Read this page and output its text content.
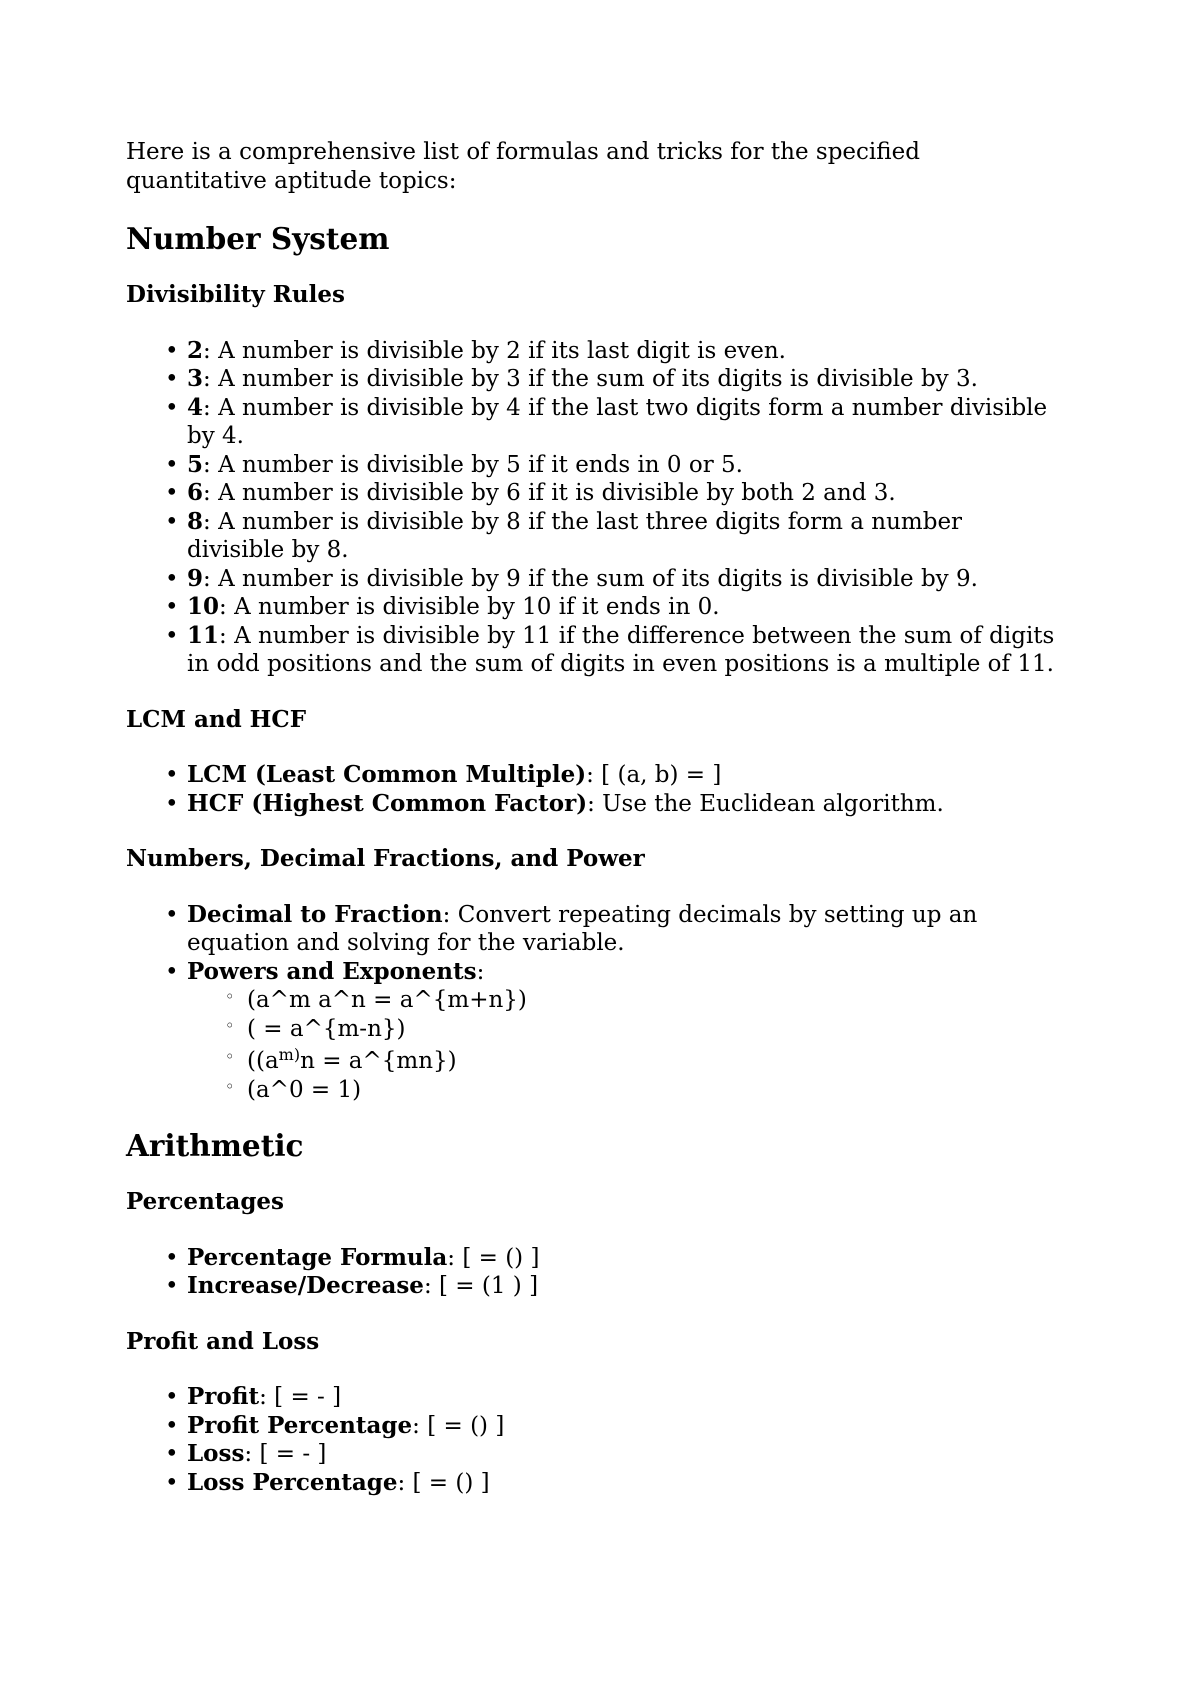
Here is a comprehensive list of formulas and tricks for the specified quantitative aptitude topics:

Number System
Divisibility Rules
• 2: A number is divisible by 2 if its last digit is even.
• 3: A number is divisible by 3 if the sum of its digits is divisible by 3.
• 4: A number is divisible by 4 if the last two digits form a number divisible by 4.
• 5: A number is divisible by 5 if it ends in 0 or 5.
• 6: A number is divisible by 6 if it is divisible by both 2 and 3.
• 8: A number is divisible by 8 if the last three digits form a number divisible by 8.
• 9: A number is divisible by 9 if the sum of its digits is divisible by 9.
• 10: A number is divisible by 10 if it ends in 0.
• 11: A number is divisible by 11 if the difference between the sum of digits in odd positions and the sum of digits in even positions is a multiple of 11.
LCM and HCF
• LCM (Least Common Multiple): [ (a, b) = ]
• HCF (Highest Common Factor): Use the Euclidean algorithm.
Numbers, Decimal Fractions, and Power
• Decimal to Fraction: Convert repeating decimals by setting up an equation and solving for the variable.
• Powers and Exponents:
◦ (a^m a^n = a^{m+n})
◦ ( = a^{m-n})
◦ (($a^{m)}n$ = a^{mn})
◦ (a^0 = 1)
Arithmetic
Percentages
• Percentage Formula: [ = () ]
• Increase/Decrease: [ = (1 ) ]
Profit and Loss
• Profit: [ = - ]
• Profit Percentage: [ = () ]
• Loss: [ = - ]
• Loss Percentage: [ = () ]
